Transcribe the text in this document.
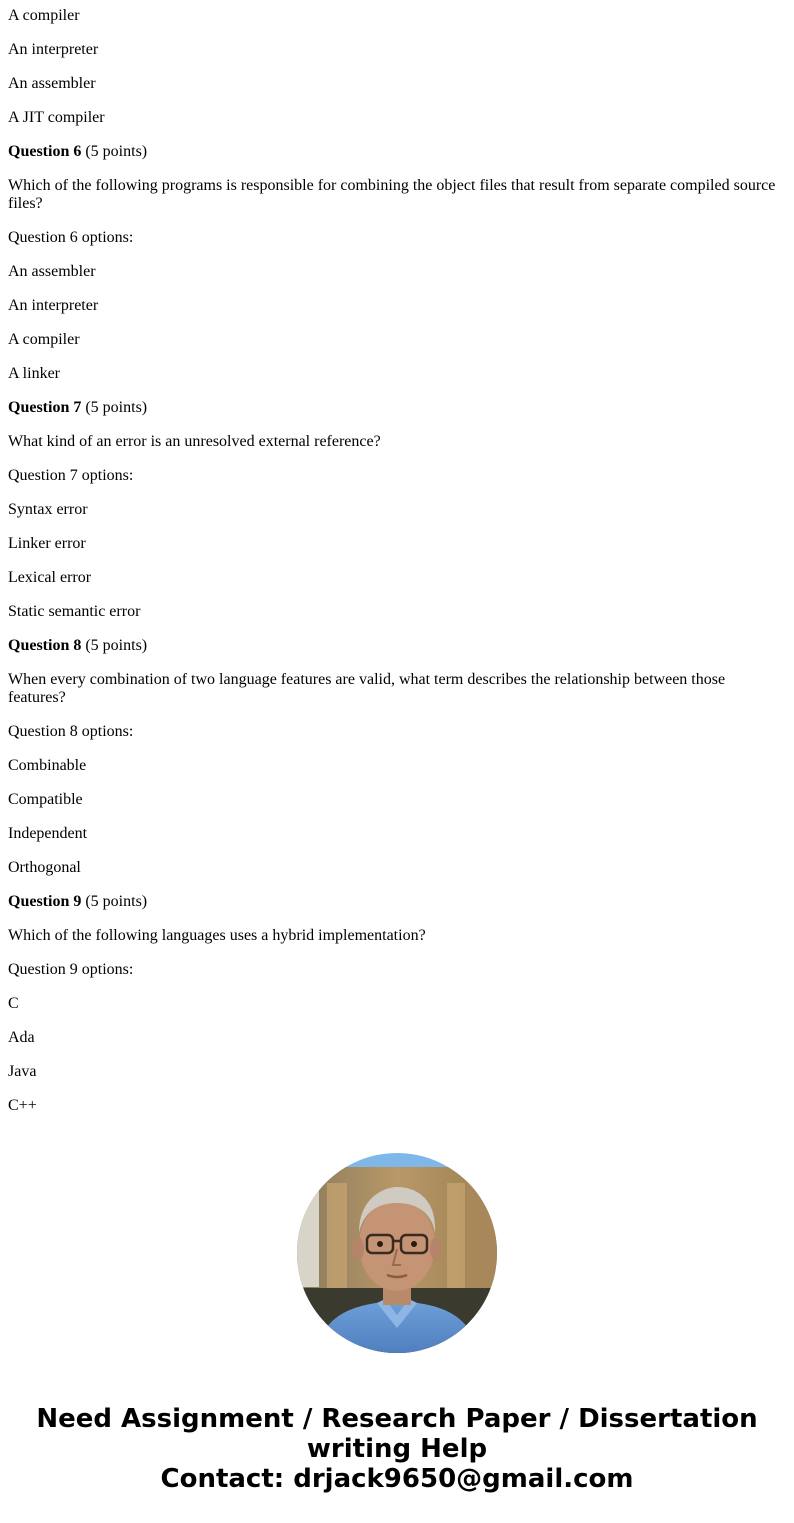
A compiler
An interpreter
An assembler
A JIT compiler
Question 6 (5 points)
Which of the following programs is responsible for combining the object files that result from separate compiled source files?
Question 6 options:
An assembler
An interpreter
A compiler
A linker
Question 7 (5 points)
What kind of an error is an unresolved external reference?
Question 7 options:
Syntax error
Linker error
Lexical error
Static semantic error
Question 8 (5 points)
When every combination of two language features are valid, what term describes the relationship between those features?
Question 8 options:
Combinable
Compatible
Independent
Orthogonal
Question 9 (5 points)
Which of the following languages uses a hybrid implementation?
Question 9 options:
C
Ada
Java
C++
Need Assignment / Research Paper / Dissertation writing Help
Contact: drjack9650@gmail.com
